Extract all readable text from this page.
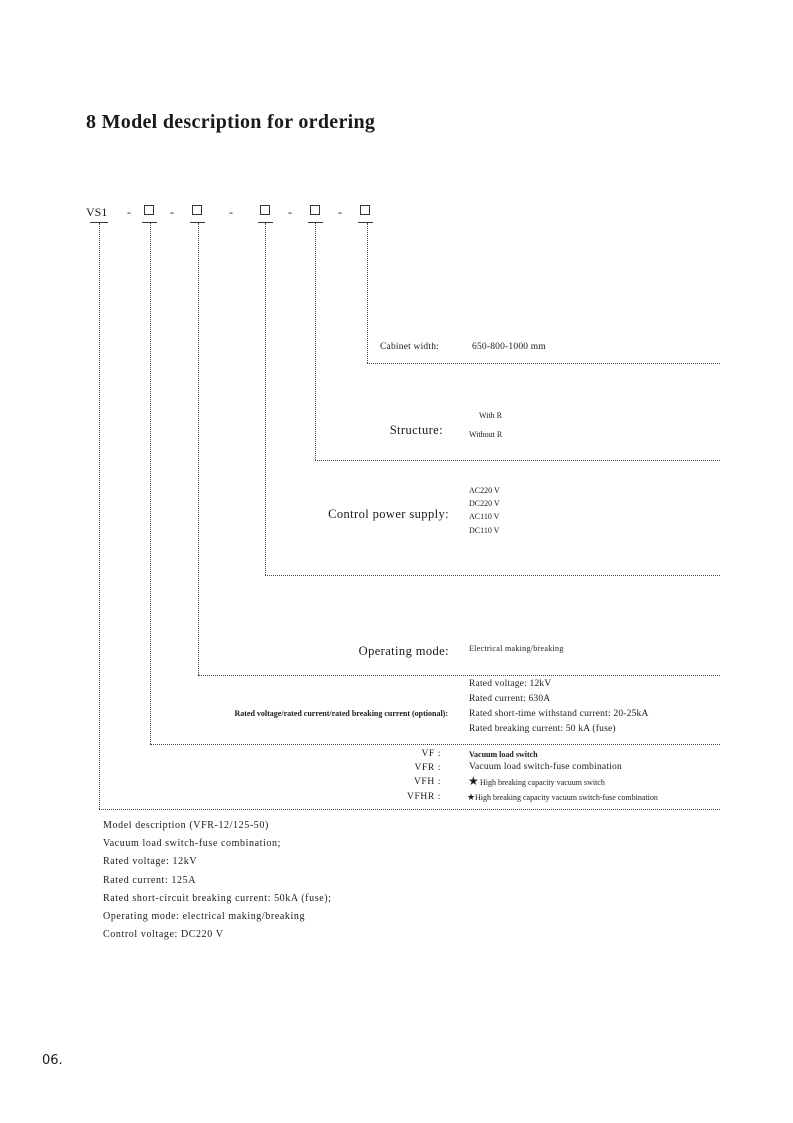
8 Model description for ordering
VS1 -	-	-	-	-
Cabinet width:	650-800-1000 mm
Structure:
With R
Without R
Control power supply:
AC220 V
DC220 V
AC110 V
DC110 V
Operating mode:	Electrical making/breaking
Rated voltage/rated current/rated breaking current (optional):
Rated voltage: 12kV
Rated current: 630A
Rated short-time withstand current: 20-25kA
Rated breaking current: 50 kA (fuse)
VF :	Vacuum load switch
VFR :	Vacuum load switch-fuse combination
VFH : ★ High breaking capacity vacuum switch
VFHR :	★ High breaking capacity vacuum switch-fuse combination
Model description (VFR-12/125-50)
Vacuum load switch-fuse combination;
Rated voltage: 12kV
Rated current: 125A
Rated short-circuit breaking current: 50kA (fuse);
Operating mode: electrical making/breaking
Control voltage: DC220 V
06.
